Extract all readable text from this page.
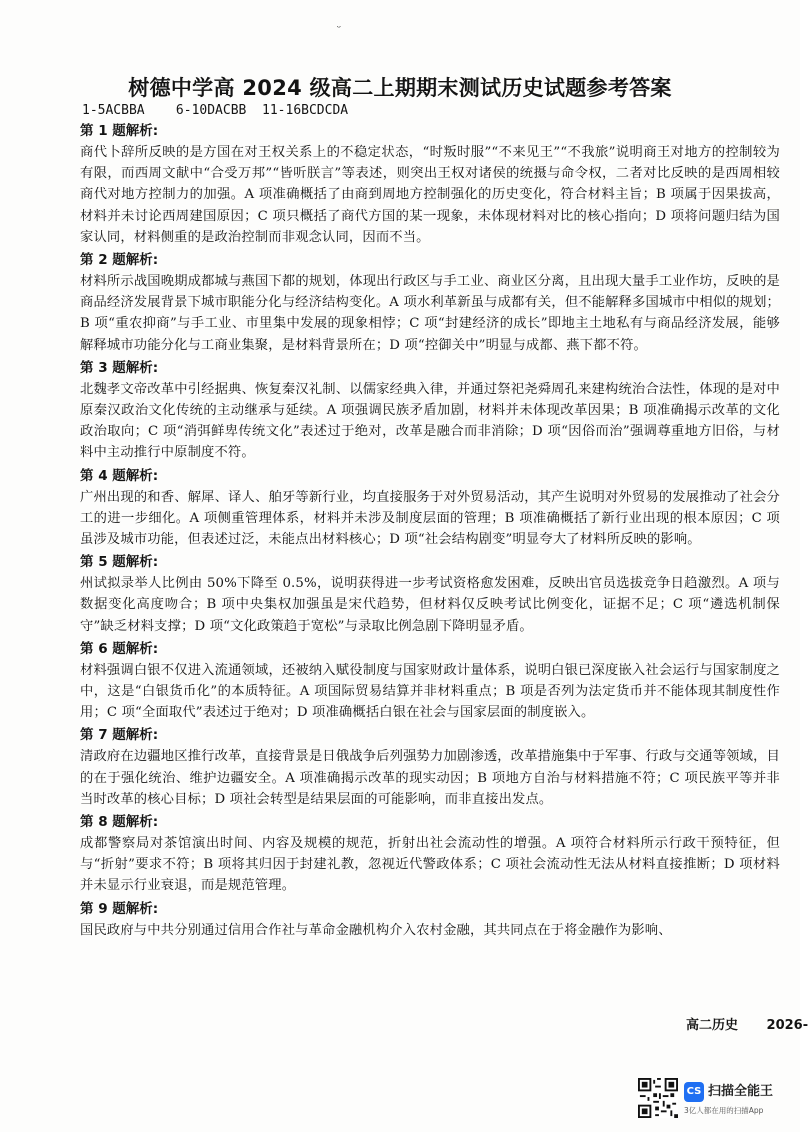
ᵕ
树德中学高 2024 级高二上期期末测试历史试题参考答案
1-5ACBBA    6-10DACBB  11-16BCDCDA

第 1 题解析:

商代卜辞所反映的是方国在对王权关系上的不稳定状态，“时叛时服”“不来见王”“不我旅”说明商王对地方的控制较为有限，而西周文献中“合受万邦”“皆听朕言”等表述，则突出王权对诸侯的统摄与命令权，二者对比反映的是西周相较商代对地方控制力的加强。A 项准确概括了由商到周地方控制强化的历史变化，符合材料主旨；B 项属于因果拔高，材料并未讨论西周建国原因；C 项只概括了商代方国的某一现象，未体现材料对比的核心指向；D 项将问题归结为国家认同，材料侧重的是政治控制而非观念认同，因而不当。

第 2 题解析:

材料所示战国晚期成都城与燕国下都的规划，体现出行政区与手工业、商业区分离，且出现大量手工业作坊，反映的是商品经济发展背景下城市职能分化与经济结构变化。A 项水利革新虽与成都有关，但不能解释多国城市中相似的规划；B 项“重农抑商”与手工业、市里集中发展的现象相悖；C 项“封建经济的成长”即地主土地私有与商品经济发展，能够解释城市功能分化与工商业集聚，是材料背景所在；D 项“控御关中”明显与成都、燕下都不符。

第 3 题解析:

北魏孝文帝改革中引经据典、恢复秦汉礼制、以儒家经典入律，并通过祭祀尧舜周孔来建构统治合法性，体现的是对中原秦汉政治文化传统的主动继承与延续。A 项强调民族矛盾加剧，材料并未体现改革因果；B 项准确揭示改革的文化政治取向；C 项“消弭鲜卑传统文化”表述过于绝对，改革是融合而非消除；D 项“因俗而治”强调尊重地方旧俗，与材料中主动推行中原制度不符。

第 4 题解析:

广州出现的和香、解犀、译人、舶牙等新行业，均直接服务于对外贸易活动，其产生说明对外贸易的发展推动了社会分工的进一步细化。A 项侧重管理体系，材料并未涉及制度层面的管理；B 项准确概括了新行业出现的根本原因；C 项虽涉及城市功能，但表述过泛，未能点出材料核心；D 项“社会结构剧变”明显夸大了材料所反映的影响。

第 5 题解析:

州试拟录举人比例由 50%下降至 0.5%，说明获得进一步考试资格愈发困难，反映出官员选拔竞争日趋激烈。A 项与数据变化高度吻合；B 项中央集权加强虽是宋代趋势，但材料仅反映考试比例变化，证据不足；C 项“遴选机制保守”缺乏材料支撑；D 项“文化政策趋于宽松”与录取比例急剧下降明显矛盾。

第 6 题解析:

材料强调白银不仅进入流通领域，还被纳入赋役制度与国家财政计量体系，说明白银已深度嵌入社会运行与国家制度之中，这是“白银货币化”的本质特征。A 项国际贸易结算并非材料重点；B 项是否列为法定货币并不能体现其制度性作用；C 项“全面取代”表述过于绝对；D 项准确概括白银在社会与国家层面的制度嵌入。

第 7 题解析:

清政府在边疆地区推行改革，直接背景是日俄战争后列强势力加剧渗透，改革措施集中于军事、行政与交通等领域，目的在于强化统治、维护边疆安全。A 项准确揭示改革的现实动因；B 项地方自治与材料措施不符；C 项民族平等并非当时改革的核心目标；D 项社会转型是结果层面的可能影响，而非直接出发点。

第 8 题解析:

成都警察局对茶馆演出时间、内容及规模的规范，折射出社会流动性的增强。A 项符合材料所示行政干预特征，但与“折射”要求不符；B 项将其归因于封建礼教，忽视近代警政体系；C 项社会流动性无法从材料直接推断；D 项材料并未显示行业衰退，而是规范管理。

第 9 题解析:

国民政府与中共分别通过信用合作社与革命金融机构介入农村金融，其共同点在于将金融作为影响、

高二历史 2026-
CS 扫描全能王
3亿人都在用的扫描App
